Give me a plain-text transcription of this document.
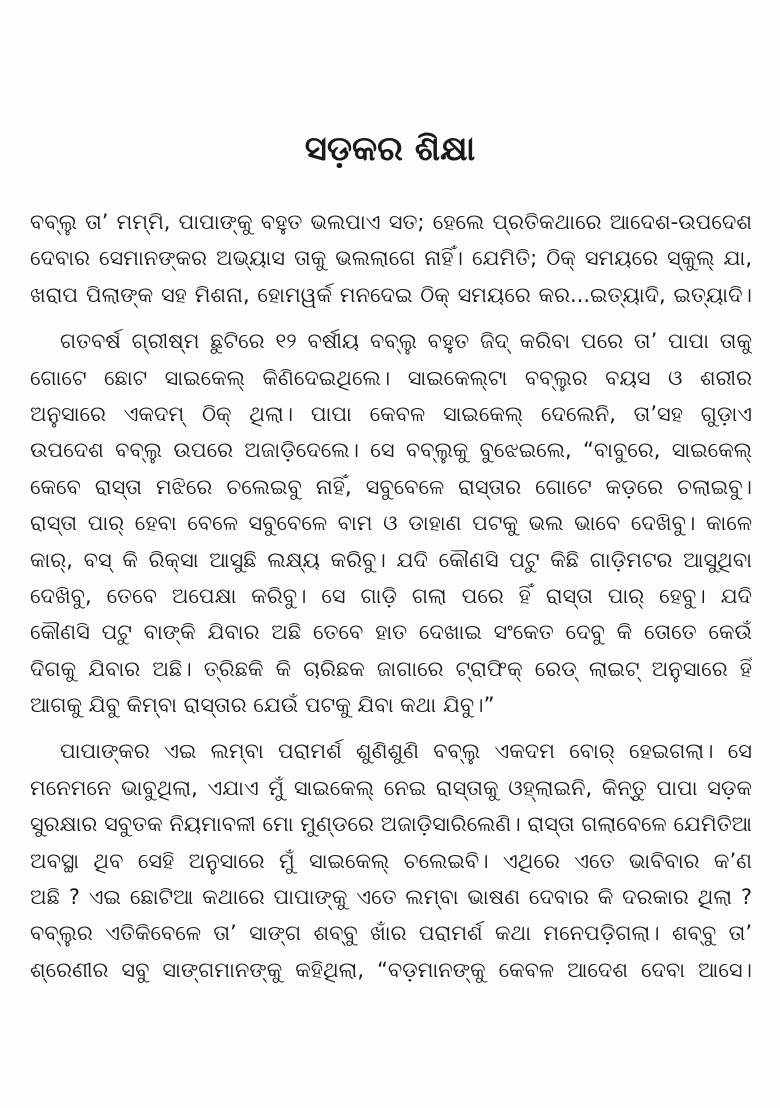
ସଡ଼କର ଶିକ୍ଷା
ବବ୍ଲୁ ତା’ ମମ୍ମି, ପାପାଙ୍କୁ ବହୁତ ଭଲପାଏ ସତ; ହେଲେ ପ୍ରତିକଥାରେ ଆଦେଶ-ଉପଦେଶ
ଦେବାର ସେମାନଙ୍କର ଅଭ୍ୟାସ ତାକୁ ଭଲଲାଗେ ନାହିଁ। ଯେମିତି; ଠିକ୍ ସମୟରେ ସ୍କୁଲ୍ ଯା,
ଖରାପ ପିଲାଙ୍କ ସହ ମିଶନା, ହୋମୱର୍କ ମନଦେଇ ଠିକ୍ ସମୟରେ କର...ଇତ୍ୟାଦି, ଇତ୍ୟାଦି।
ଗତବର୍ଷ ଗ୍ରୀଷ୍ମ ଛୁଟିରେ ୧୨ ବର୍ଷୀୟ ବବ୍ଲୁ ବହୁତ ଜିଦ୍ କରିବା ପରେ ତା’ ପାପା ତାକୁ
ଗୋଟେ ଛୋଟ ସାଇକେଲ୍ କିଣିଦେଇଥିଲେ। ସାଇକେଲ୍‌ଟା ବବ୍ଲୁର ବୟସ ଓ ଶରୀର
ଅନୁସାରେ ଏକଦମ୍ ଠିକ୍ ଥିଲା। ପାପା କେବଳ ସାଇକେଲ୍ ଦେଲେନି, ତା’ସହ ଗୁଡ଼ାଏ
ଉପଦେଶ ବବ୍ଲୁ ଉପରେ ଅଜାଡ଼ିଦେଲେ। ସେ ବବ୍ଲୁକୁ ବୁଝେଇଲେ, “ବାବୁରେ, ସାଇକେଲ୍
କେବେ ରାସ୍ତା ମଝିରେ ଚଲେଇବୁ ନାହିଁ, ସବୁବେଳେ ରାସ୍ତାର ଗୋଟେ କଡ଼ରେ ଚଲାଇବୁ।
ରାସ୍ତା ପାର୍ ହେବା ବେଳେ ସବୁବେଳେ ବାମ ଓ ଡାହାଣ ପଟକୁ ଭଲ ଭାବେ ଦେଖିବୁ। କାଳେ
କାର୍, ବସ୍ କି ରିକ୍ସା ଆସୁଛି ଲକ୍ଷ୍ୟ କରିବୁ। ଯଦି କୌଣସି ପଟୁ କିଛି ଗାଡ଼ିମଟର ଆସୁଥିବା
ଦେଖିବୁ, ତେବେ ଅପେକ୍ଷା କରିବୁ। ସେ ଗାଡ଼ି ଗଲା ପରେ ହିଁ ରାସ୍ତା ପାର୍ ହେବୁ। ଯଦି
କୌଣସି ପଟୁ ବାଙ୍କି ଯିବାର ଅଛି ତେବେ ହାତ ଦେଖାଇ ସଂକେତ ଦେବୁ କି ତୋତେ କେଉଁ
ଦିଗକୁ ଯିବାର ଅଛି। ତ୍ରିଛକି କି ଚାରିଛକ ଜାଗାରେ ଟ୍ରାଫିକ୍ ରେଡ୍ ଲାଇଟ୍ ଅନୁସାରେ ହିଁ
ଆଗକୁ ଯିବୁ କିମ୍ବା ରାସ୍ତାର ଯେଉଁ ପଟକୁ ଯିବା କଥା ଯିବୁ।”
ପାପାଙ୍କର ଏଇ ଲମ୍ବା ପରାମର୍ଶ ଶୁଣିଶୁଣି ବବ୍ଲୁ ଏକଦମ ବୋର୍ ହେଇଗଲା। ସେ
ମନେମନେ ଭାବୁଥିଲା, ଏଯାଏ ମୁଁ ସାଇକେଲ୍ ନେଇ ରାସ୍ତାକୁ ଓହ୍ଲାଇନି, କିନ୍ତୁ ପାପା ସଡ଼କ
ସୁରକ୍ଷାର ସବୁତକ ନିୟମାବଳୀ ମୋ ମୁଣ୍ଡରେ ଅଜାଡ଼ିସାରିଲେଣି। ରାସ୍ତା ଗଲାବେଳେ ଯେମିତିଆ
ଅବସ୍ଥା ଥିବ ସେହି ଅନୁସାରେ ମୁଁ ସାଇକେଲ୍ ଚଲେଇବି। ଏଥିରେ ଏତେ ଭାବିବାର କ’ଣ
ଅଛି ? ଏଇ ଛୋଟିଆ କଥାରେ ପାପାଙ୍କୁ ଏତେ ଲମ୍ବା ଭାଷଣ ଦେବାର କି ଦରକାର ଥିଲା ?
ବବ୍ଲୁର ଏତିକିବେଳେ ତା’ ସାଙ୍ଗ ଶବ୍ବୁ ଖାଁର ପରାମର୍ଶ କଥା ମନେପଡ଼ିଗଲା। ଶବ୍ବୁ ତା’
ଶ୍ରେଣୀର ସବୁ ସାଙ୍ଗମାନଙ୍କୁ କହିଥିଲା, “ବଡ଼ମାନଙ୍କୁ କେବଳ ଆଦେଶ ଦେବା ଆସେ।
